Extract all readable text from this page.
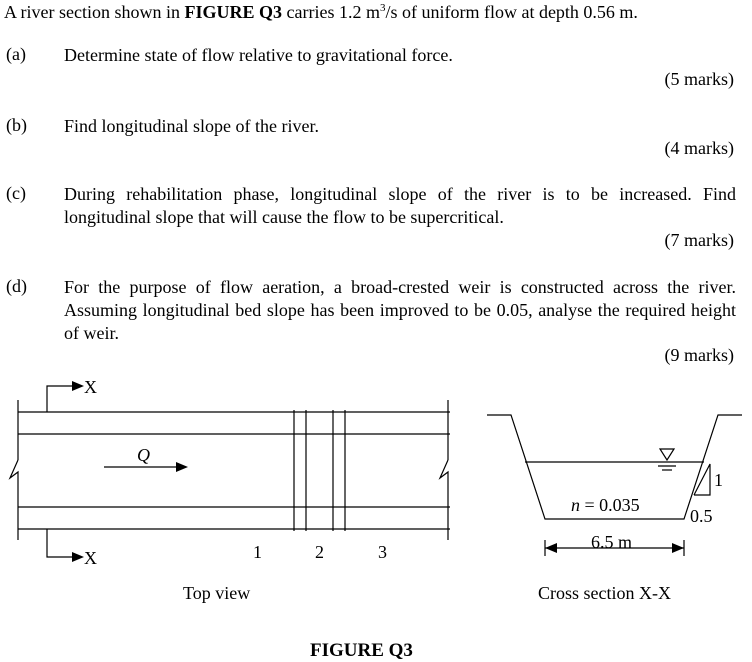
A river section shown in FIGURE Q3 carries 1.2 $m^3/s$ of uniform flow at depth 0.56 m.
(a) Determine state of flow relative to gravitational force.
(5 marks)
(b) Find longitudinal slope of the river.
(4 marks)
(c) During rehabilitation phase, longitudinal slope of the river is to be increased. Find longitudinal slope that will cause the flow to be supercritical.
(7 marks)
(d) For the purpose of flow aeration, a broad-crested weir is constructed across the river. Assuming longitudinal bed slope has been improved to be 0.05, analyse the required height of weir.
(9 marks)
X
X
Q
1	2	3
Top view
n = 0.035
6.5 m
1
0.5
Cross section X-X
FIGURE Q3
